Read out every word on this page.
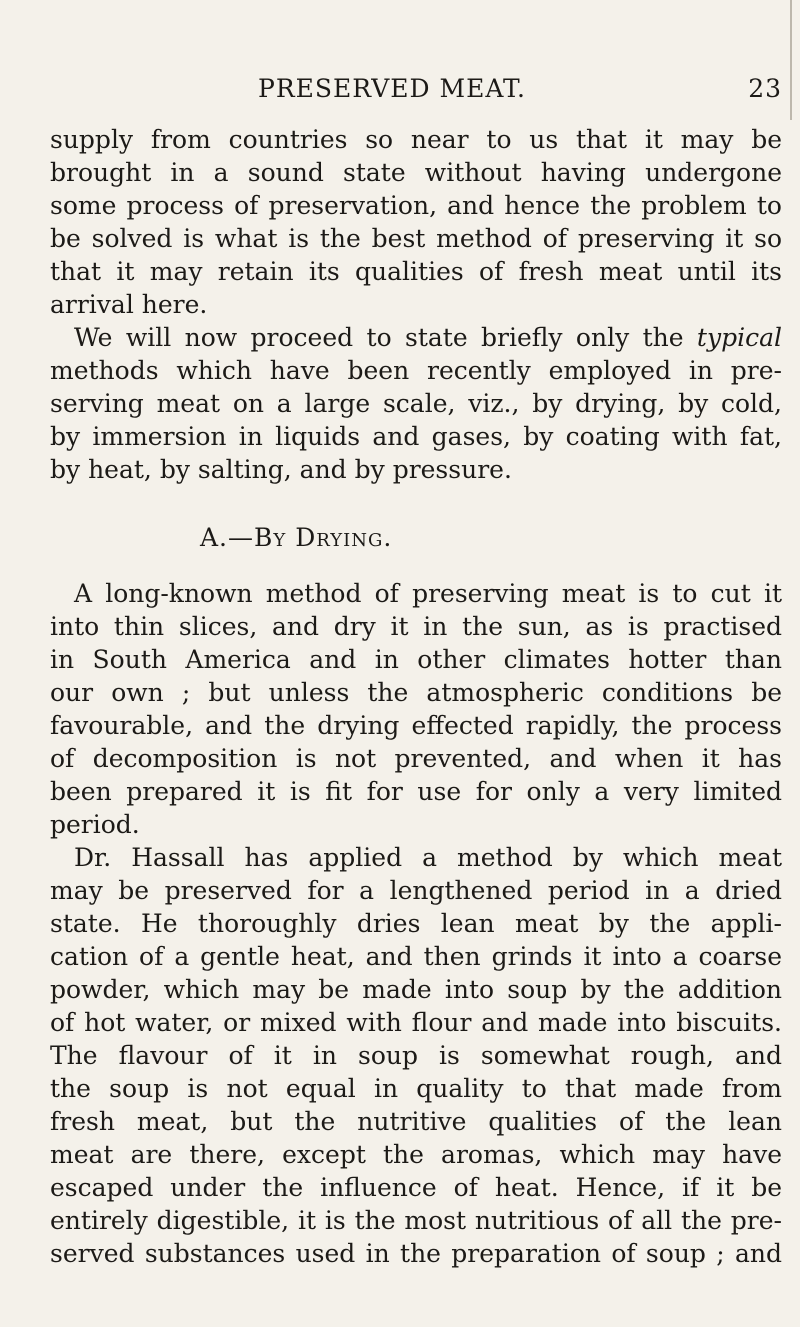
PRESERVED MEAT.	23
supply from countries so near to us that it may be
brought in a sound state without having undergone
some process of preservation, and hence the problem to
be solved is what is the best method of preserving it so
that it may retain its qualities of fresh meat until its
arrival here.
We will now proceed to state briefly only the typical
methods which have been recently employed in pre-
serving meat on a large scale, viz., by drying, by cold,
by immersion in liquids and gases, by coating with fat,
by heat, by salting, and by pressure.
A.—By Drying.
A long-known method of preserving meat is to cut it
into thin slices, and dry it in the sun, as is practised
in South America and in other climates hotter than
our own ; but unless the atmospheric conditions be
favourable, and the drying effected rapidly, the process
of decomposition is not prevented, and when it has
been prepared it is fit for use for only a very limited
period.
Dr. Hassall has applied a method by which meat
may be preserved for a lengthened period in a dried
state. He thoroughly dries lean meat by the appli-
cation of a gentle heat, and then grinds it into a coarse
powder, which may be made into soup by the addition
of hot water, or mixed with flour and made into biscuits.
The flavour of it in soup is somewhat rough, and
the soup is not equal in quality to that made from
fresh meat, but the nutritive qualities of the lean
meat are there, except the aromas, which may have
escaped under the influence of heat. Hence, if it be
entirely digestible, it is the most nutritious of all the pre-
served substances used in the preparation of soup ; and
